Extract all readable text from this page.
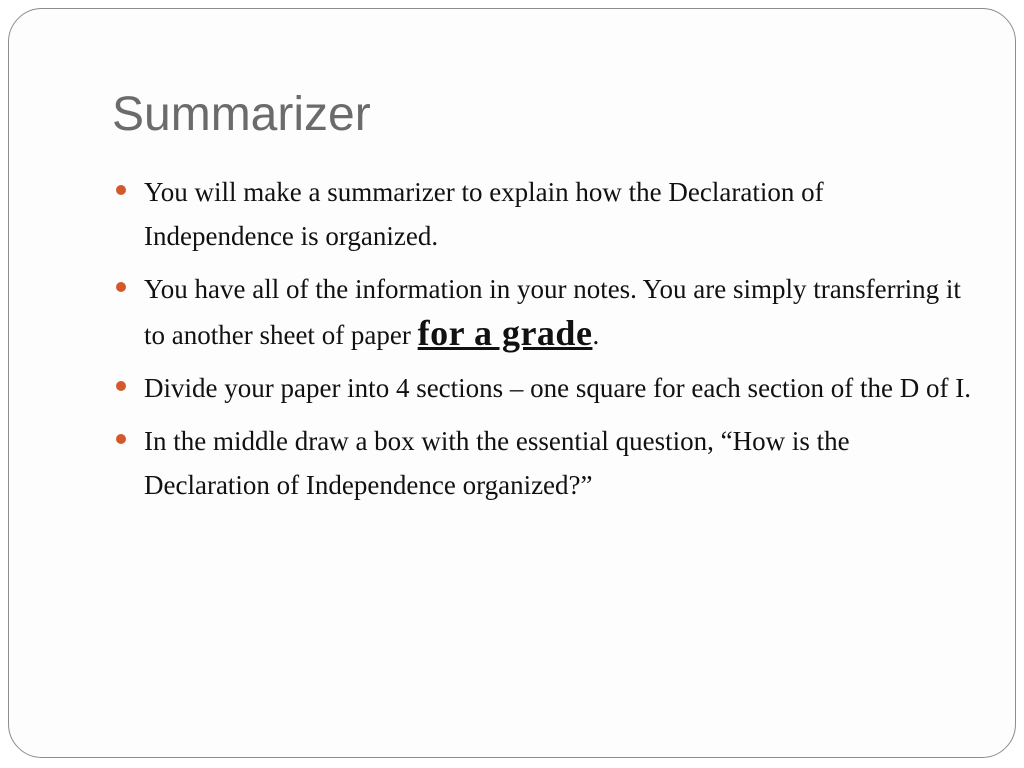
Summarizer
You will make a summarizer to explain how the Declaration of Independence is organized.
You have all of the information in your notes. You are simply transferring it to another sheet of paper for a grade.
Divide your paper into 4 sections – one square for each section of the D of I.
In the middle draw a box with the essential question, “How is the Declaration of Independence organized?”
